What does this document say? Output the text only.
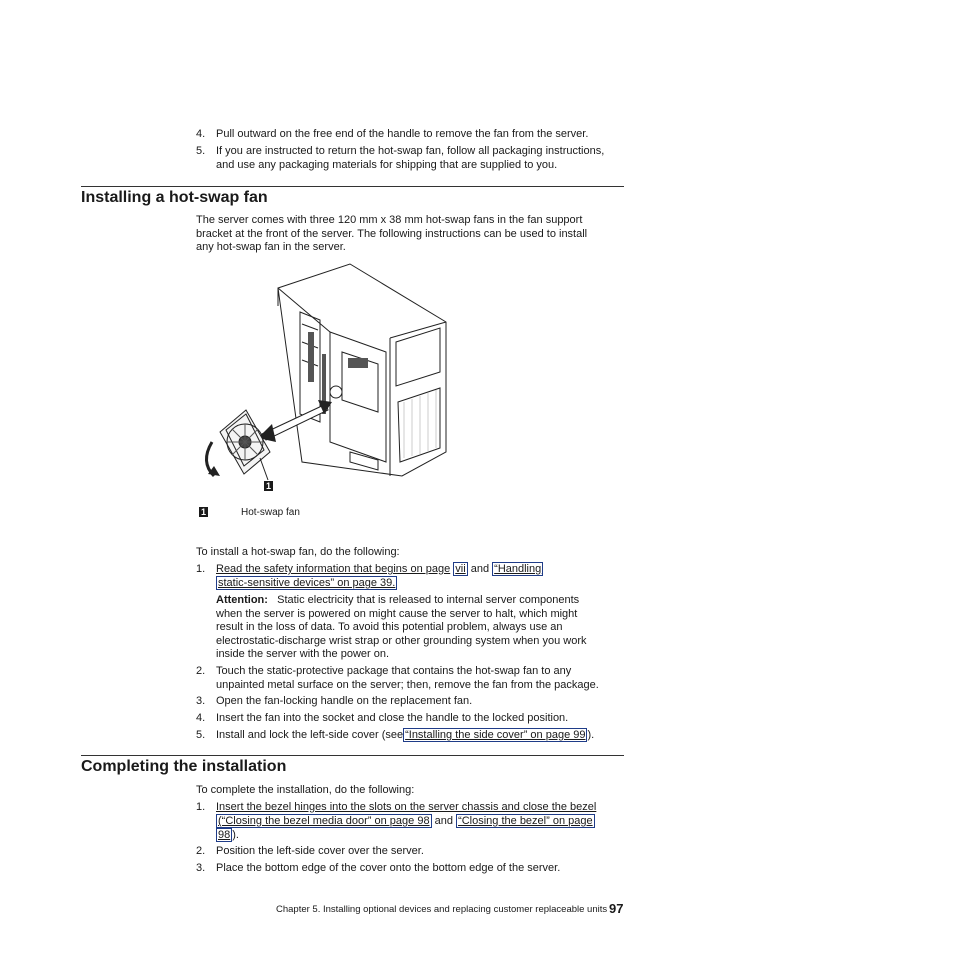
4. Pull outward on the free end of the handle to remove the fan from the server.
5. If you are instructed to return the hot-swap fan, follow all packaging instructions,
and use any packaging materials for shipping that are supplied to you.
Installing a hot-swap fan
The server comes with three 120 mm x 38 mm hot-swap fans in the fan support
bracket at the front of the server. The following instructions can be used to install
any hot-swap fan in the server.
1
1	Hot-swap fan
To install a hot-swap fan, do the following:
1. Read the safety information that begins on page vii and “Handling
static-sensitive devices” on page 39.
Attention: Static electricity that is released to internal server components
when the server is powered on might cause the server to halt, which might
result in the loss of data. To avoid this potential problem, always use an
electrostatic-discharge wrist strap or other grounding system when you work
inside the server with the power on.
2. Touch the static-protective package that contains the hot-swap fan to any
unpainted metal surface on the server; then, remove the fan from the package.
3. Open the fan-locking handle on the replacement fan.
4. Insert the fan into the socket and close the handle to the locked position.
5. Install and lock the left-side cover (see “Installing the side cover” on page 99 ).
Completing the installation
To complete the installation, do the following:
1. Insert the bezel hinges into the slots on the server chassis and close the bezel
(“Closing the bezel media door” on page 98 and “Closing the bezel” on page
98 ).
2. Position the left-side cover over the server.
3. Place the bottom edge of the cover onto the bottom edge of the server.
Chapter 5. Installing optional devices and replacing customer replaceable units 97
